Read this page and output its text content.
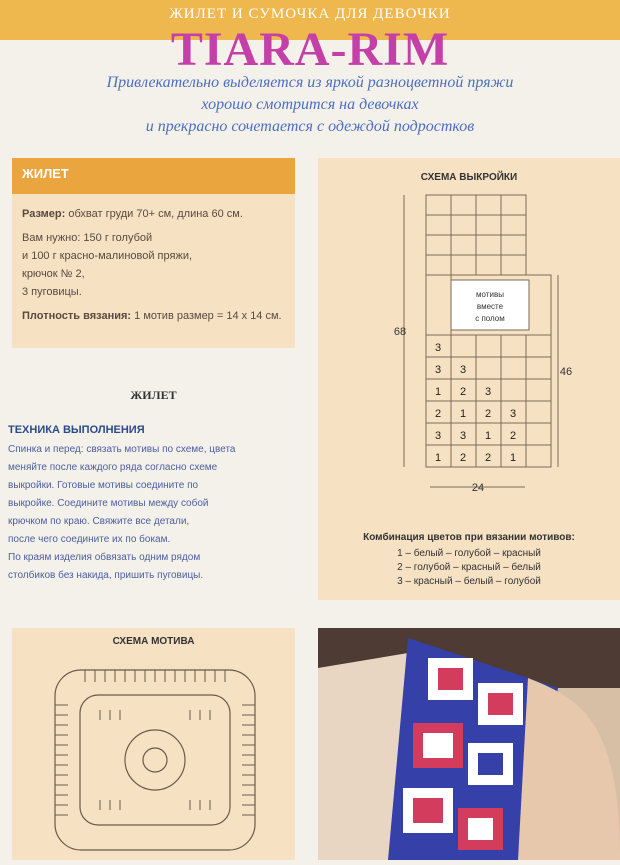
ЖИЛЕТ И СУМОЧКА ДЛЯ ДЕВОЧКИ
TIARA-RIM
Привлекательно выделяется из яркой разноцветной пряжи
хорошо смотрится на девочках
и прекрасно сочетается с одеждой подростков
ЖИЛЕТ
Размер: обхват груди 70+ см, длина 60 см.
Вам нужно: 150 г голубой
и 100 г красно-малиновой пряжи,
крючок № 2,
3 пуговицы.
Плотность вязания: 1 мотив размер = 14 x 14 см.
ЖИЛЕТ
ТЕХНИКА ВЫПОЛНЕНИЯ
Спинка и перед: связать мотивы по схеме, цвета
меняйте после каждого ряда согласно схеме
выкройки. Готовые мотивы соедините по
выкройке. Соедините мотивы между собой
крючком по краю. Свяжите все детали,
после чего соедините их по бокам.
По краям изделия обвязать одним рядом
столбиков без накида, пришить пуговицы.
СХЕМА ВЫКРОЙКИ
68
46
24
мотивы
вместе
с полом
3
3 3
1 2 3
2 1 2 3
3 3 1 2
1 2 2 1
Комбинация цветов при вязании мотивов:
1 – белый – голубой – красный
2 – голубой – красный – белый
3 – красный – белый – голубой
СХЕМА МОТИВА
